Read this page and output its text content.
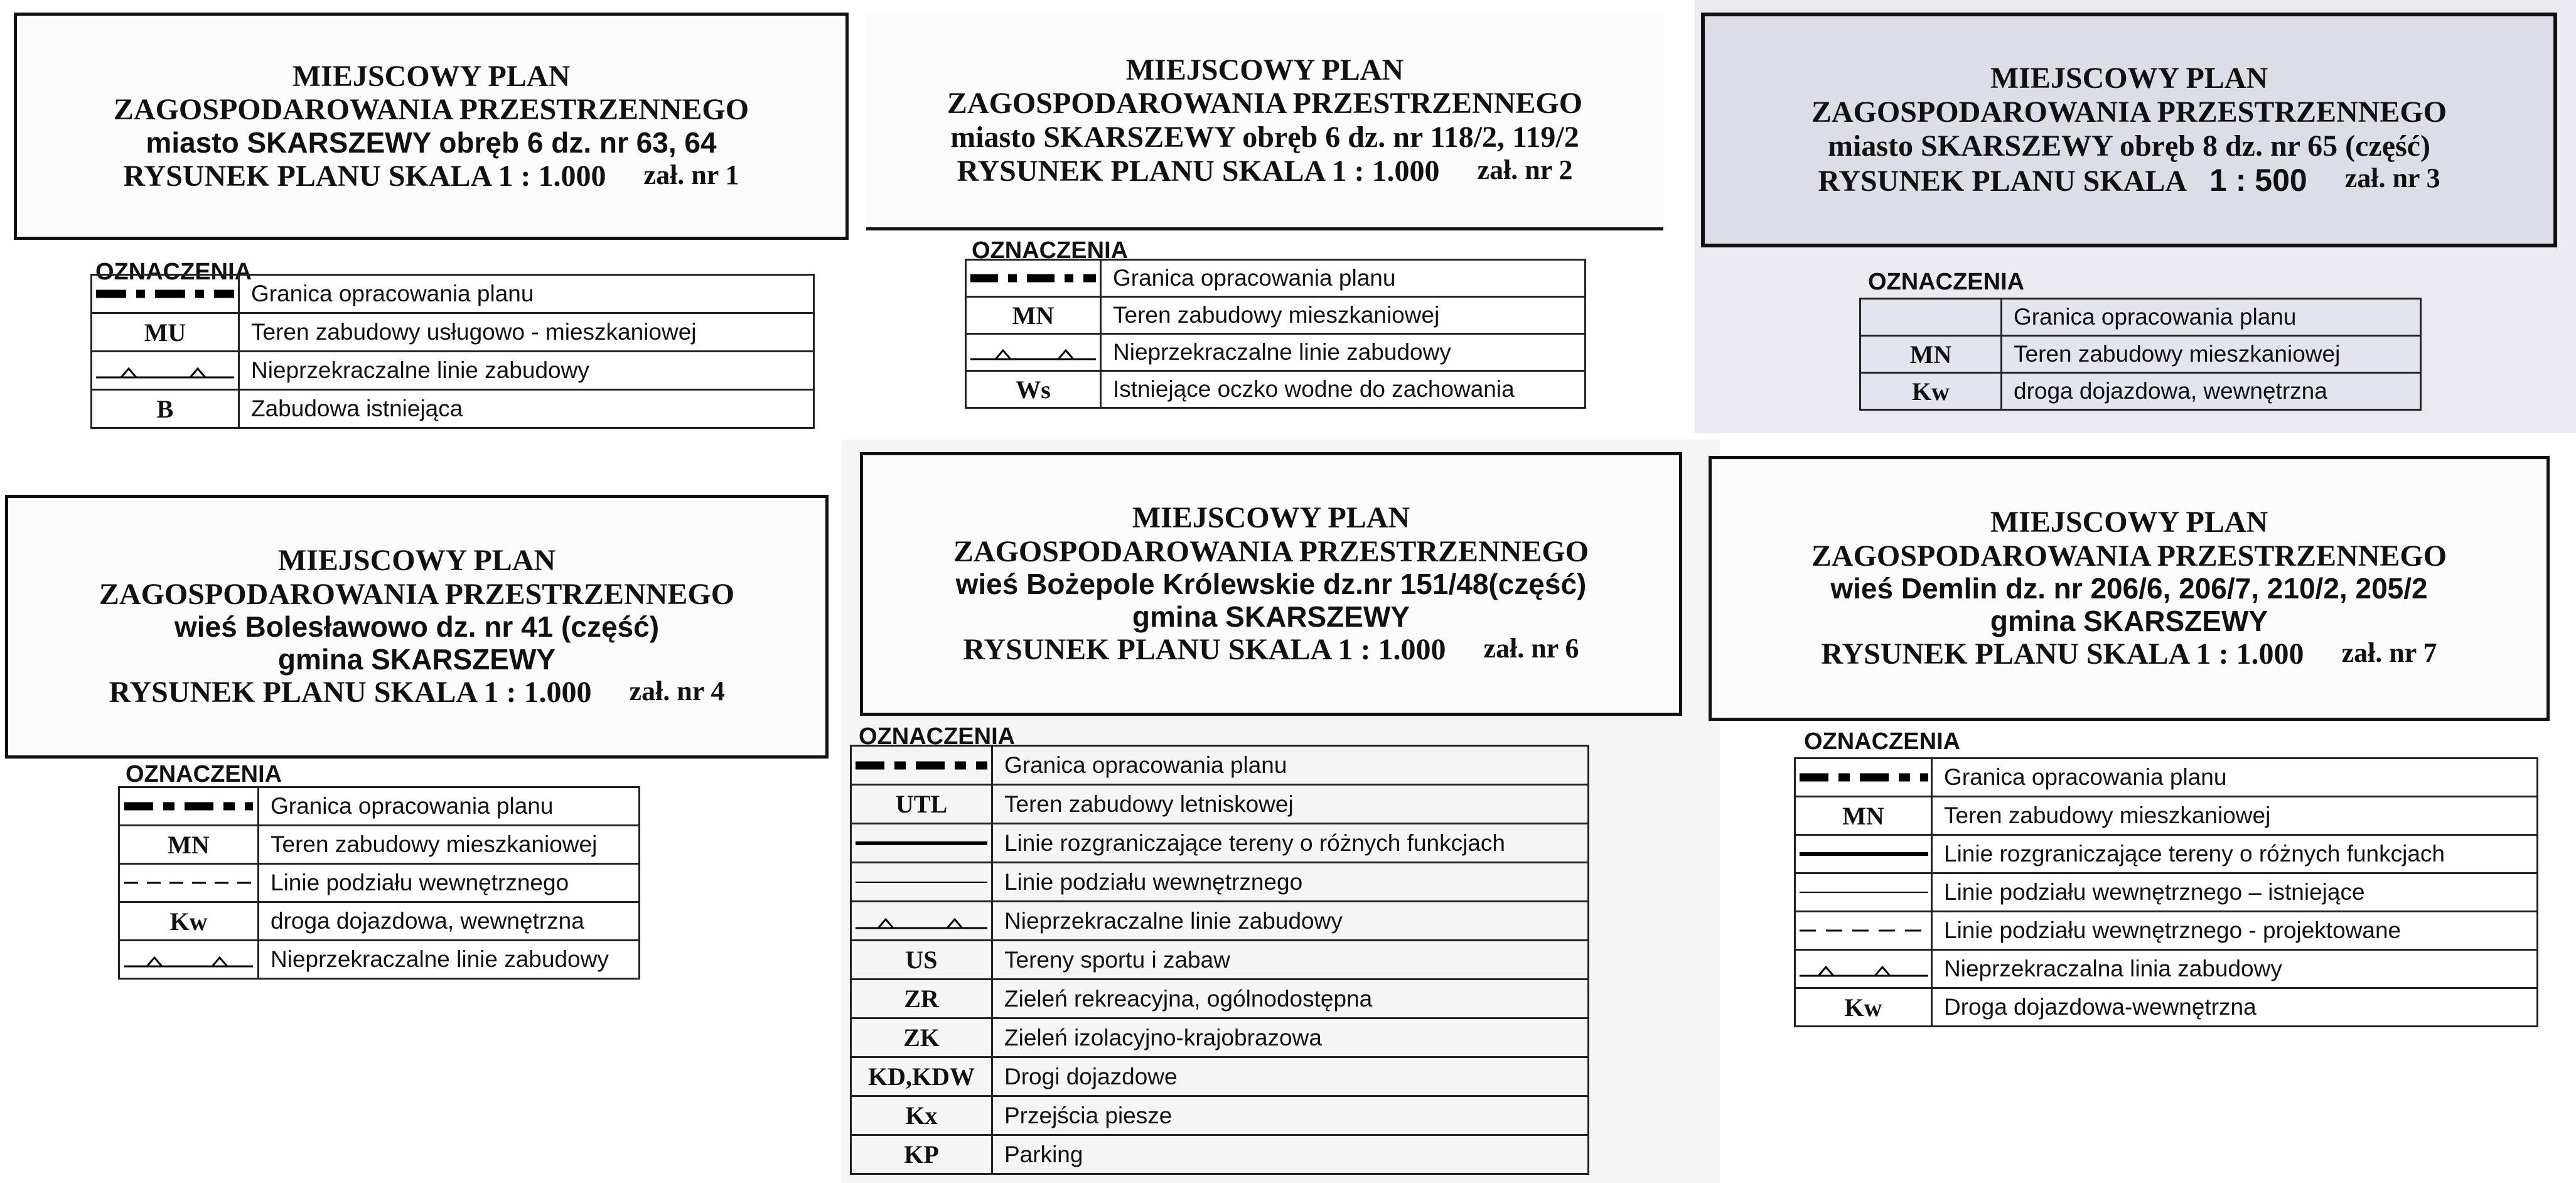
MIEJSCOWY PLAN
ZAGOSPODAROWANIA PRZESTRZENNEGO
miasto SKARSZEWY obręb 6 dz. nr 63, 64
RYSUNEK PLANU SKALA 1 : 1.000 zał. nr 1
OZNACZENIA
	Granica opracowania planu
MU	Teren zabudowy usługowo - mieszkaniowej

	Nieprzekraczalne linie zabudowy
B	Zabudowa istniejąca
MIEJSCOWY PLAN
ZAGOSPODAROWANIA PRZESTRZENNEGO
miasto SKARSZEWY obręb 6 dz. nr 118/2, 119/2
RYSUNEK PLANU SKALA 1 : 1.000 zał. nr 2
OZNACZENIA
	Granica opracowania planu
MN	Teren zabudowy mieszkaniowej

	Nieprzekraczalne linie zabudowy
Ws	Istniejące oczko wodne do zachowania
MIEJSCOWY PLAN
ZAGOSPODAROWANIA PRZESTRZENNEGO
miasto SKARSZEWY obręb 8 dz. nr 65 (część)
RYSUNEK PLANU SKALA 1 : 500 zał. nr 3
OZNACZENIA
	Granica opracowania planu
MN	Teren zabudowy mieszkaniowej
Kw	droga dojazdowa, wewnętrzna
MIEJSCOWY PLAN
ZAGOSPODAROWANIA PRZESTRZENNEGO
wieś Bolesławowo dz. nr 41 (część)
gmina SKARSZEWY
RYSUNEK PLANU SKALA 1 : 1.000 zał. nr 4
OZNACZENIA
	Granica opracowania planu
MN	Teren zabudowy mieszkaniowej

	Linie podziału wewnętrznego
Kw	droga dojazdowa, wewnętrzna

	Nieprzekraczalne linie zabudowy
MIEJSCOWY PLAN
ZAGOSPODAROWANIA PRZESTRZENNEGO
wieś Bożepole Królewskie dz.nr 151/48(część)
gmina SKARSZEWY
RYSUNEK PLANU SKALA 1 : 1.000 zał. nr 6
OZNACZENIA
	Granica opracowania planu
UTL	Teren zabudowy letniskowej

	Linie rozgraniczające tereny o różnych funkcjach

	Linie podziału wewnętrznego

	Nieprzekraczalne linie zabudowy
US	Tereny sportu i zabaw
ZR	Zieleń rekreacyjna, ogólnodostępna
ZK	Zieleń izolacyjno-krajobrazowa
KD,KDW	Drogi dojazdowe
Kx	Przejścia piesze
KP	Parking
MIEJSCOWY PLAN
ZAGOSPODAROWANIA PRZESTRZENNEGO
wieś Demlin dz. nr 206/6, 206/7, 210/2, 205/2
gmina SKARSZEWY
RYSUNEK PLANU SKALA 1 : 1.000 zał. nr 7
OZNACZENIA
	Granica opracowania planu
MN	Teren zabudowy mieszkaniowej

	Linie rozgraniczające tereny o różnych funkcjach

	Linie podziału wewnętrznego – istniejące

	Linie podziału wewnętrznego - projektowane

	Nieprzekraczalna linia zabudowy
Kw	Droga dojazdowa-wewnętrzna
